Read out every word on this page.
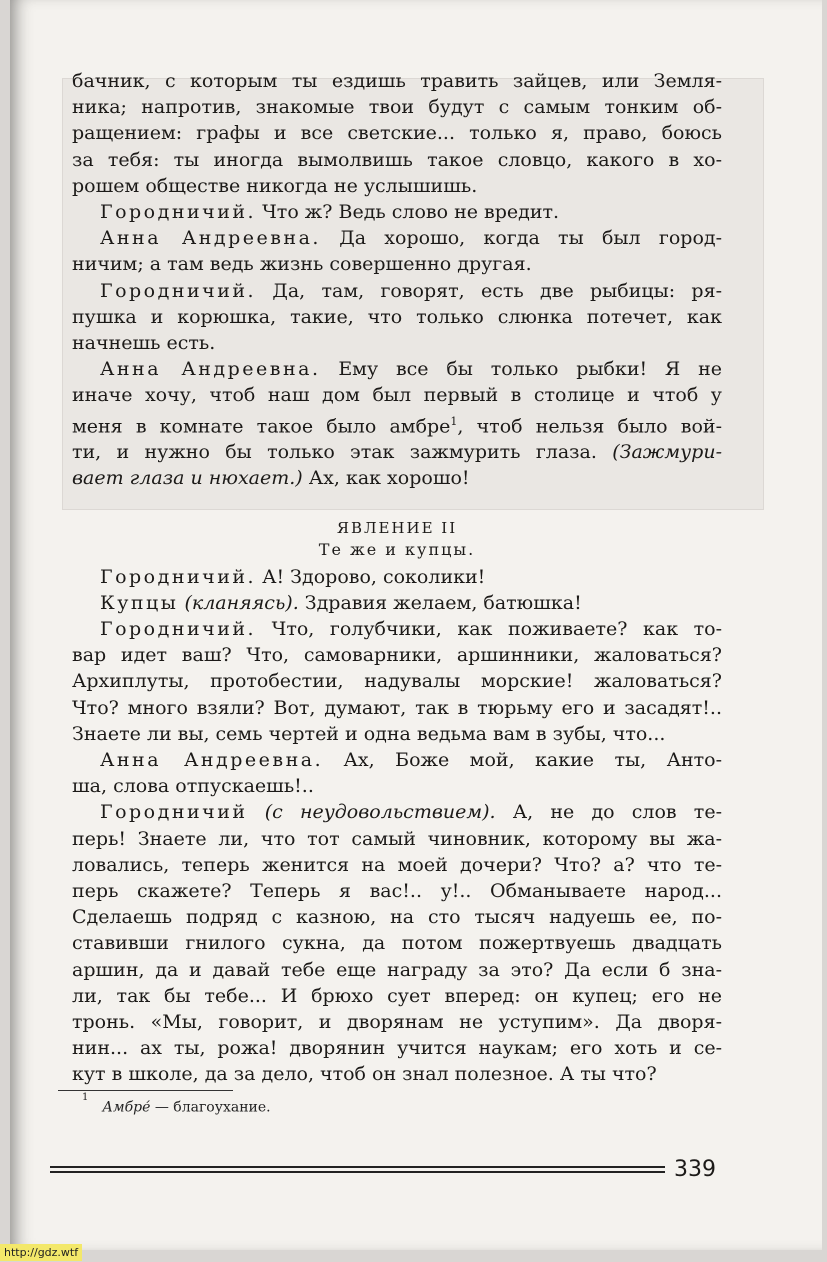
бачник, с которым ты ездишь травить зайцев, или Земля-
ника; напротив, знакомые твои будут с самым тонким об-
ращением: графы и все светские... только я, право, боюсь
за тебя: ты иногда вымолвишь такое словцо, какого в хо-
рошем обществе никогда не услышишь.
Городничий. Что ж? Ведь слово не вредит.
Анна Андреевна. Да хорошо, когда ты был город-
ничим; а там ведь жизнь совершенно другая.
Городничий. Да, там, говорят, есть две рыбицы: ря-
пушка и корюшка, такие, что только слюнка потечет, как
начнешь есть.
Анна Андреевна. Ему все бы только рыбки! Я не
иначе хочу, чтоб наш дом был первый в столице и чтоб у
меня в комнате такое было амбре$^1$, чтоб нельзя было вой-
ти, и нужно бы только этак зажмурить глаза. (Зажмури-
вает глаза и нюхает.) Ах, как хорошо!
ЯВЛЕНИЕ II
Те же и купцы.
Городничий. А! Здорово, соколики!
Купцы (кланяясь). Здравия желаем, батюшка!
Городничий. Что, голубчики, как поживаете? как то-
вар идет ваш? Что, самоварники, аршинники, жаловаться?
Архиплуты, протобестии, надувалы морские! жаловаться?
Что? много взяли? Вот, думают, так в тюрьму его и засадят!..
Знаете ли вы, семь чертей и одна ведьма вам в зубы, что...
Анна Андреевна. Ах, Боже мой, какие ты, Анто-
ша, слова отпускаешь!..
Городничий (с неудовольствием). А, не до слов те-
перь! Знаете ли, что тот самый чиновник, которому вы жа-
ловались, теперь женится на моей дочери? Что? а? что те-
перь скажете? Теперь я вас!.. у!.. Обманываете народ...
Сделаешь подряд с казною, на сто тысяч надуешь ее, по-
ставивши гнилого сукна, да потом пожертвуешь двадцать
аршин, да и давай тебе еще награду за это? Да если б зна-
ли, так бы тебе... И брюхо сует вперед: он купец; его не
тронь. «Мы, говорит, и дворянам не уступим». Да дворя-
нин... ах ты, рожа! дворянин учится наукам; его хоть и се-
кут в школе, да за дело, чтоб он знал полезное. А ты что?
$^1$Амбре́ — благоухание.
339
http://gdz.wtf
